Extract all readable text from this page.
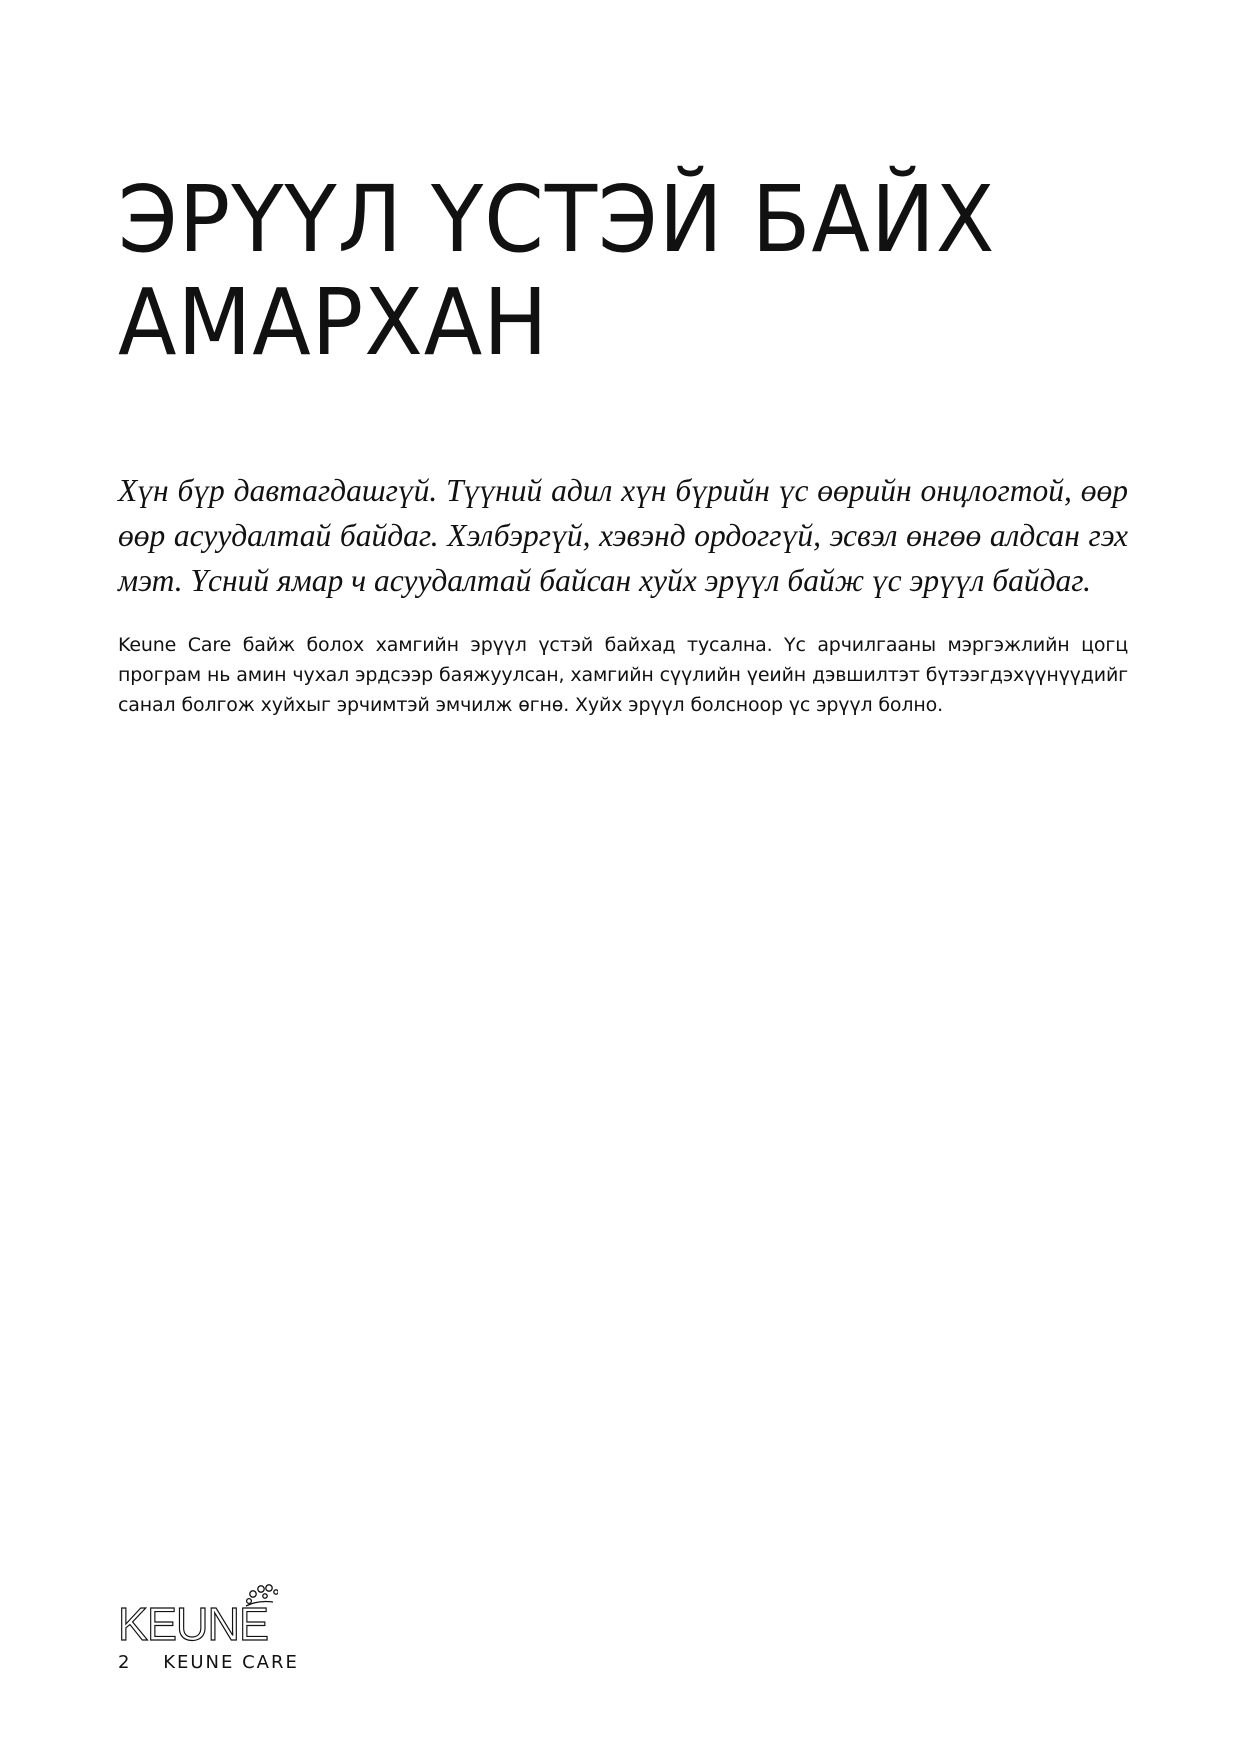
ЭРҮҮЛ ҮСТЭЙ БАЙХ
АМАРХАН

Хүн бүр давтагдашгүй. Түүний адил хүн бүрийн үс өөрийн онцлогтой, өөр өөр асуудалтай байдаг. Хэлбэргүй, хэвэнд ордоггүй, эсвэл өнгөө алдсан гэх мэт. Үсний ямар ч асуудалтай байсан хуйх эрүүл байж үс эрүүл байдаг.

Keune Care байж болох хамгийн эрүүл үстэй байхад тусална. Үс арчилгааны мэргэжлийн цогц програм нь амин чухал эрдсээр баяжуулсан, хамгийн сүүлийн үеийн дэвшилтэт бүтээгдэхүүнүүдийг санал болгож хуйхыг эрчимтэй эмчилж өгнө. Хуйх эрүүл болсноор үс эрүүл болно.

KEUNE
2 KEUNE CARE
